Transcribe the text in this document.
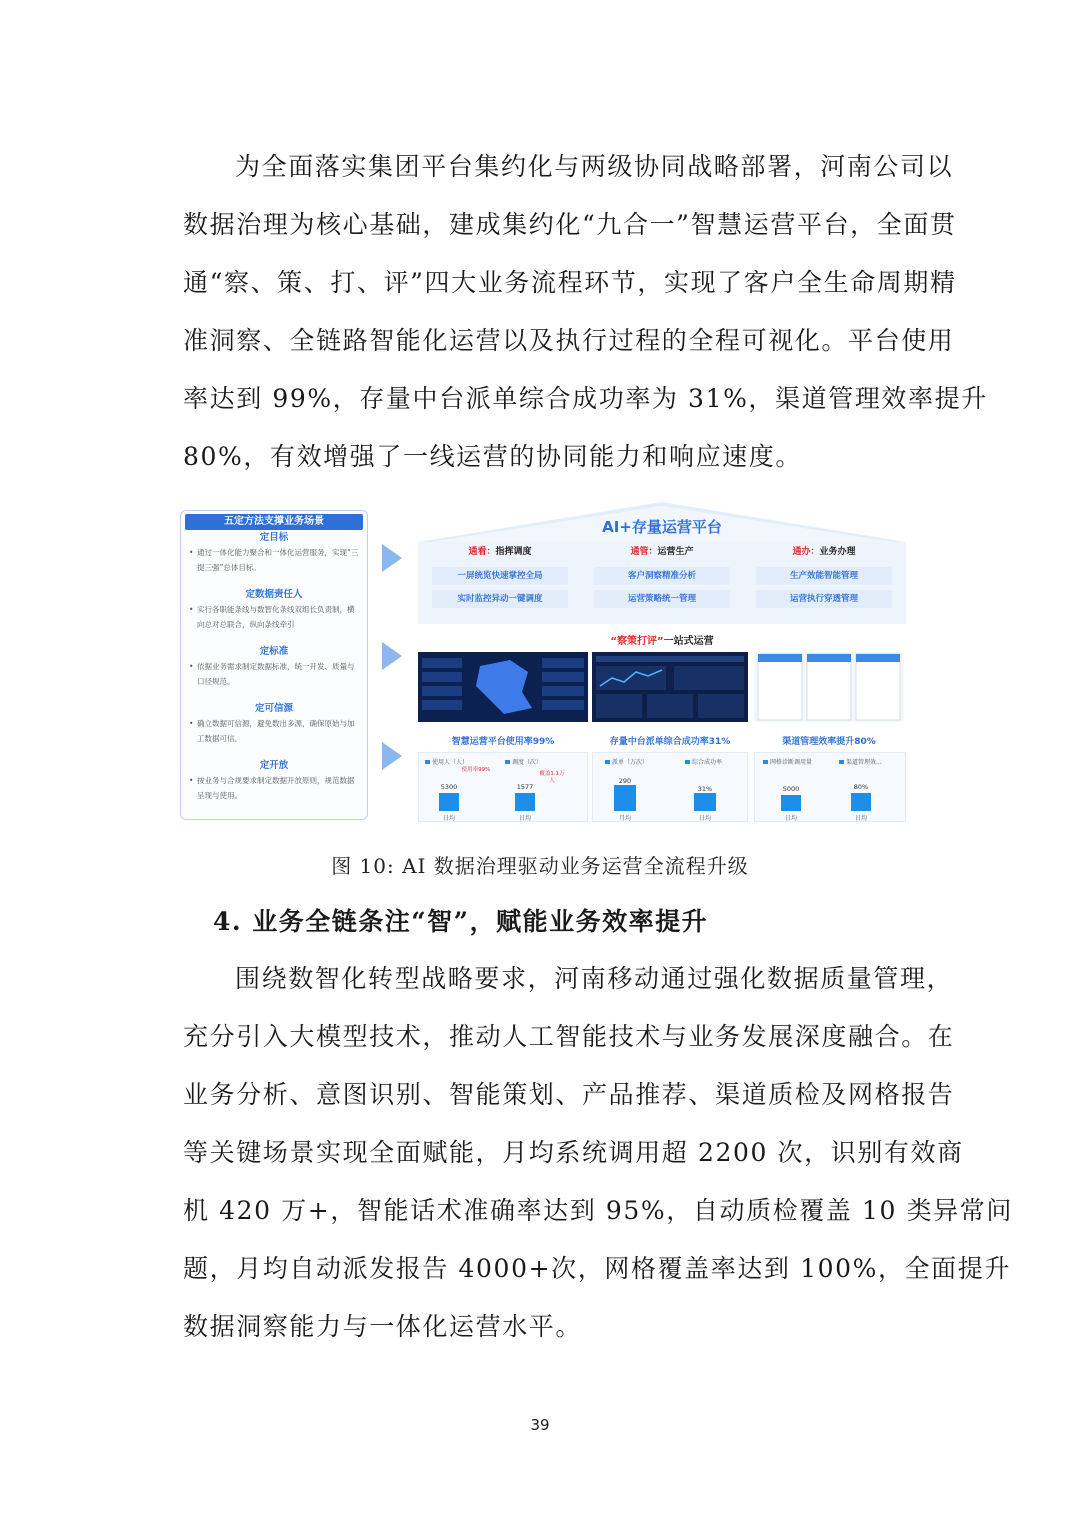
为全面落实集团平台集约化与两级协同战略部署，河南公司以
数据治理为核心基础，建成集约化“九合一”智慧运营平台，全面贯
通“察、策、打、评”四大业务流程环节，实现了客户全生命周期精
准洞察、全链路智能化运营以及执行过程的全程可视化。平台使用
率达到 99%，存量中台派单综合成功率为 31%，渠道管理效率提升
80%，有效增强了一线运营的协同能力和响应速度。
五定方法支撑业务场景
定目标
• 通过一体化能力聚合和一体化运营服务，实现“三提三强”总体目标。
定数据责任人
• 实行各职能条线与数智化条线双组长负责制，横向总对总联合，纵向条线牵引
定标准
• 依据业务需求制定数据标准，统一开发、质量与口径规范。
定可信源
• 确立数据可信源，避免数出多源，确保原始与加工数据可信。
定开放
• 按业务与合规要求制定数据开放原则，规范数据呈现与使用。
AI+存量运营平台
通看：指挥调度
一屏统览快速掌控全局
实时监控异动一键调度
通管：运营生产
客户洞察精准分析
运营策略统一管理
通办：业务办理
生产效能智能管理
运营执行穿透管理
“察策打评”一站式运营
智慧运营平台使用率99%	存量中台派单综合成功率31%	渠道管理效率提升80%
使用人（人）	调度（次）
使用率99%
覆盖1.1万人
5300	1577
日均	日均
派单（万次）	综合成功率
290
31%
月均	日均
网格诊断调用量	渠道管理效...
5000	80%
日均	日均
图 10: AI 数据治理驱动业务运营全流程升级
4. 业务全链条注“智”，赋能业务效率提升
围绕数智化转型战略要求，河南移动通过强化数据质量管理，
充分引入大模型技术，推动人工智能技术与业务发展深度融合。在
业务分析、意图识别、智能策划、产品推荐、渠道质检及网格报告
等关键场景实现全面赋能，月均系统调用超 2200 次，识别有效商
机 420 万+，智能话术准确率达到 95%，自动质检覆盖 10 类异常问
题，月均自动派发报告 4000+次，网格覆盖率达到 100%，全面提升
数据洞察能力与一体化运营水平。
39
